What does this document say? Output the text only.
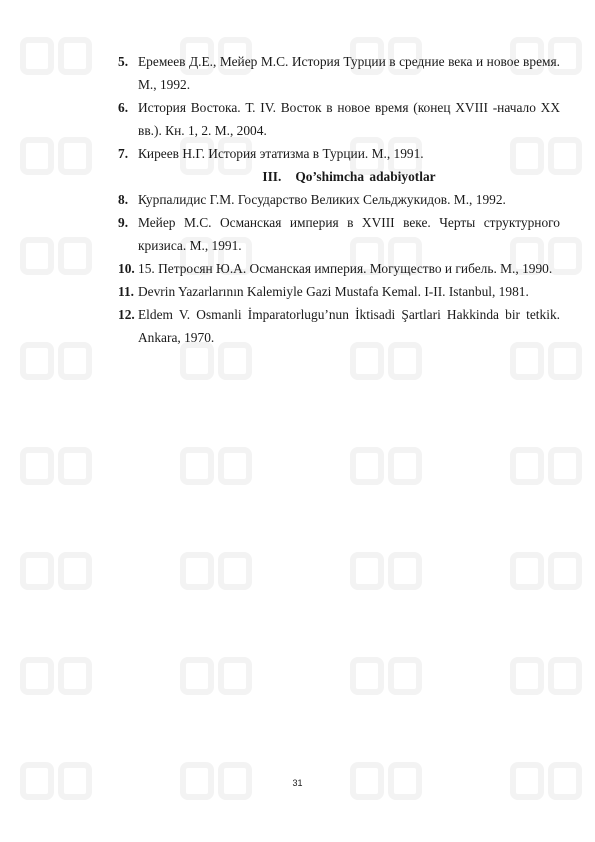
5. Еремеев Д.Е., Мейер М.С. История Турции в средние века и новое время. М., 1992.
6. История Востока. Т. IV. Восток в новое время (конец XVIII -начало XX вв.). Кн. 1, 2. М., 2004.
7. Киреев Н.Г. История этатизма в Турции. М., 1991.
III. Qo’shimcha adabiyotlar
8. Курпалидис Г.М. Государство Великих Сельджукидов. М., 1992.
9. Мейер М.С. Османская империя в XVIII веке. Черты структурного кризиса. М., 1991.
10. 15. Петросян Ю.А. Османская империя. Могущество и гибель. М., 1990.
11. Devrin Yazarlarının Kalemiyle Gazi Mustafa Kemal. I-II. Istanbul, 1981.
12. Eldem V. Osmanli İmparatorlugu’nun İktisadi Şartlari Hakkinda bir tetkik. Ankara, 1970.
31
